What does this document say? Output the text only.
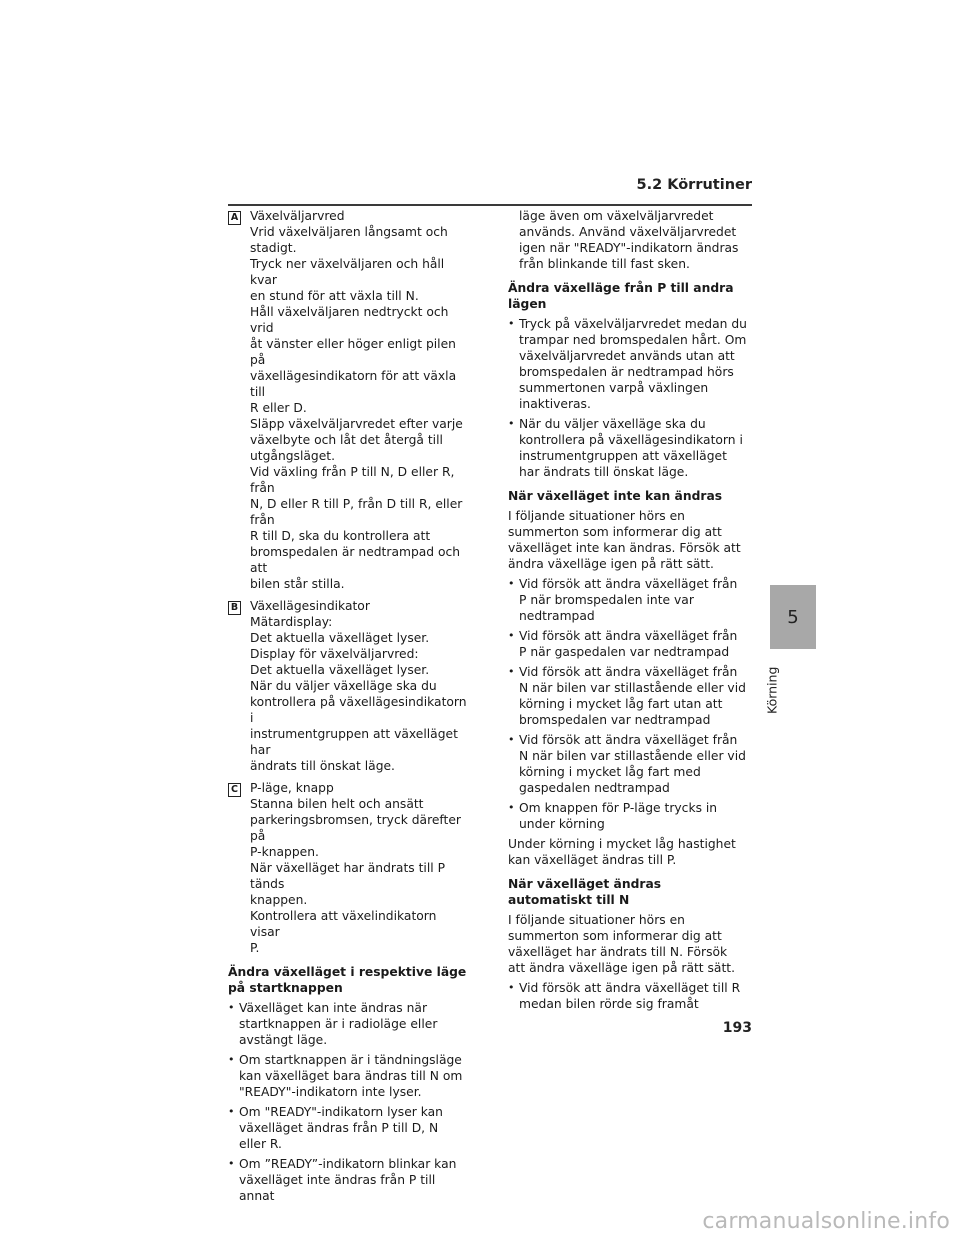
5.2 Körrutiner
A Växelväljarvred
Vrid växelväljaren långsamt och
stadigt.
Tryck ner växelväljaren och håll kvar
en stund för att växla till N.
Håll växelväljaren nedtryckt och vrid
åt vänster eller höger enligt pilen på
växellägesindikatorn för att växla till
R eller D.
Släpp växelväljarvredet efter varje
växelbyte och låt det återgå till
utgångsläget.
Vid växling från P till N, D eller R, från
N, D eller R till P, från D till R, eller från
R till D, ska du kontrollera att
bromspedalen är nedtrampad och att
bilen står stilla.
B Växellägesindikator
Mätardisplay:
Det aktuella växelläget lyser.
Display för växelväljarvred:
Det aktuella växelläget lyser.
När du väljer växelläge ska du
kontrollera på växellägesindikatorn i
instrumentgruppen att växelläget har
ändrats till önskat läge.
C P-läge, knapp
Stanna bilen helt och ansätt
parkeringsbromsen, tryck därefter på
P-knappen.
När växelläget har ändrats till P tänds
knappen.
Kontrollera att växelindikatorn visar
P.
Ändra växelläget i respektive läge på startknappen
• Växelläget kan inte ändras när startknappen är i radioläge eller avstängt läge.
• Om startknappen är i tändningsläge kan växelläget bara ändras till N om "READY"-indikatorn inte lyser.
• Om "READY"-indikatorn lyser kan växelläget ändras från P till D, N eller R.
• Om ”READY”-indikatorn blinkar kan växelläget inte ändras från P till annat
läge även om växelväljarvredet används. Använd växelväljarvredet igen när "READY"-indikatorn ändras från blinkande till fast sken.
Ändra växelläge från P till andra lägen
• Tryck på växelväljarvredet medan du trampar ned bromspedalen hårt. Om växelväljarvredet används utan att bromspedalen är nedtrampad hörs summertonen varpå växlingen inaktiveras.
• När du väljer växelläge ska du kontrollera på växellägesindikatorn i instrumentgruppen att växelläget har ändrats till önskat läge.
När växelläget inte kan ändras
I följande situationer hörs en summerton som informerar dig att växelläget inte kan ändras. Försök att ändra växelläge igen på rätt sätt.
• Vid försök att ändra växelläget från P när bromspedalen inte var nedtrampad
• Vid försök att ändra växelläget från P när gaspedalen var nedtrampad
• Vid försök att ändra växelläget från N när bilen var stillastående eller vid körning i mycket låg fart utan att bromspedalen var nedtrampad
• Vid försök att ändra växelläget från N när bilen var stillastående eller vid körning i mycket låg fart med gaspedalen nedtrampad
• Om knappen för P-läge trycks in under körning
Under körning i mycket låg hastighet kan växelläget ändras till P.
När växelläget ändras automatiskt till N
I följande situationer hörs en summerton som informerar dig att växelläget har ändrats till N. Försök att ändra växelläge igen på rätt sätt.
• Vid försök att ändra växelläget till R medan bilen rörde sig framåt
5
Körning
193
carmanualsonline.info
